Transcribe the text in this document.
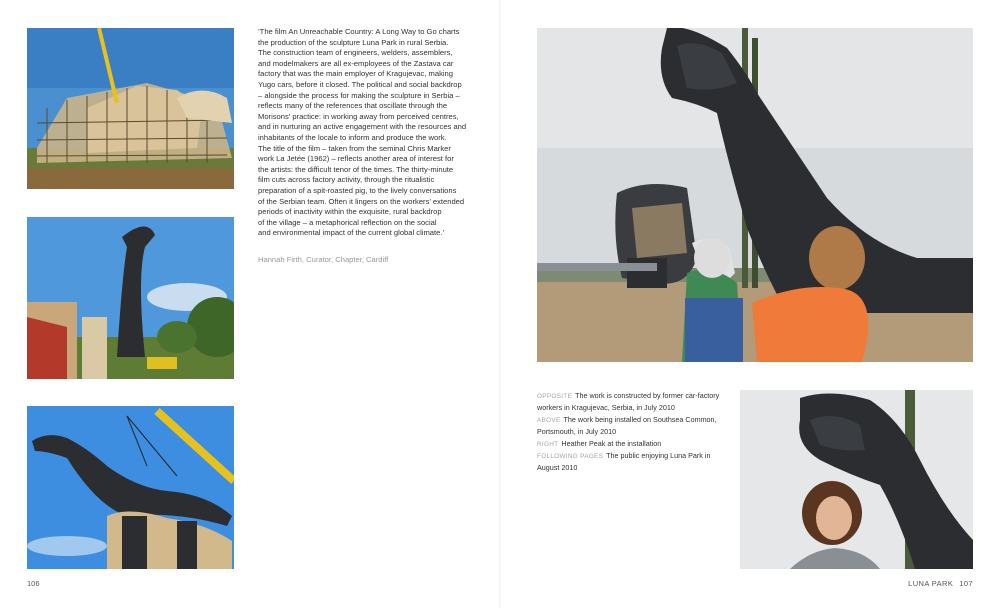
‘The film An Unreachable Country: A Long Way to Go charts

the production of the sculpture Luna Park in rural Serbia.

The construction team of engineers, welders, assemblers,

and modelmakers are all ex-employees of the Zastava car

factory that was the main employer of Kragujevac, making

Yugo cars, before it closed. The political and social backdrop

– alongside the process for making the sculpture in Serbia –

reflects many of the references that oscillate through the

Morisons’ practice: in working away from perceived centres,

and in nurturing an active engagement with the resources and

inhabitants of the locale to inform and produce the work.

The title of the film – taken from the seminal Chris Marker

work La Jetée (1962) – reflects another area of interest for

the artists: the difficult tenor of the times. The thirty-minute

film cuts across factory activity, through the ritualistic

preparation of a spit-roasted pig, to the lively conversations

of the Serbian team. Often it lingers on the workers’ extended

periods of inactivity within the exquisite, rural backdrop

of the village – a metaphorical reflection on the social

and environmental impact of the current global climate.’

Hannah Firth, Curator, Chapter, Cardiff
106

OPPOSITE The work is constructed by former car-factory workers in Kragujevac, Serbia, in July 2010

ABOVE The work being installed on Southsea Common, Portsmouth, in July 2010

RIGHT Heather Peak at the installation

FOLLOWING PAGES The public enjoying Luna Park in August 2010

LUNA PARK 107
